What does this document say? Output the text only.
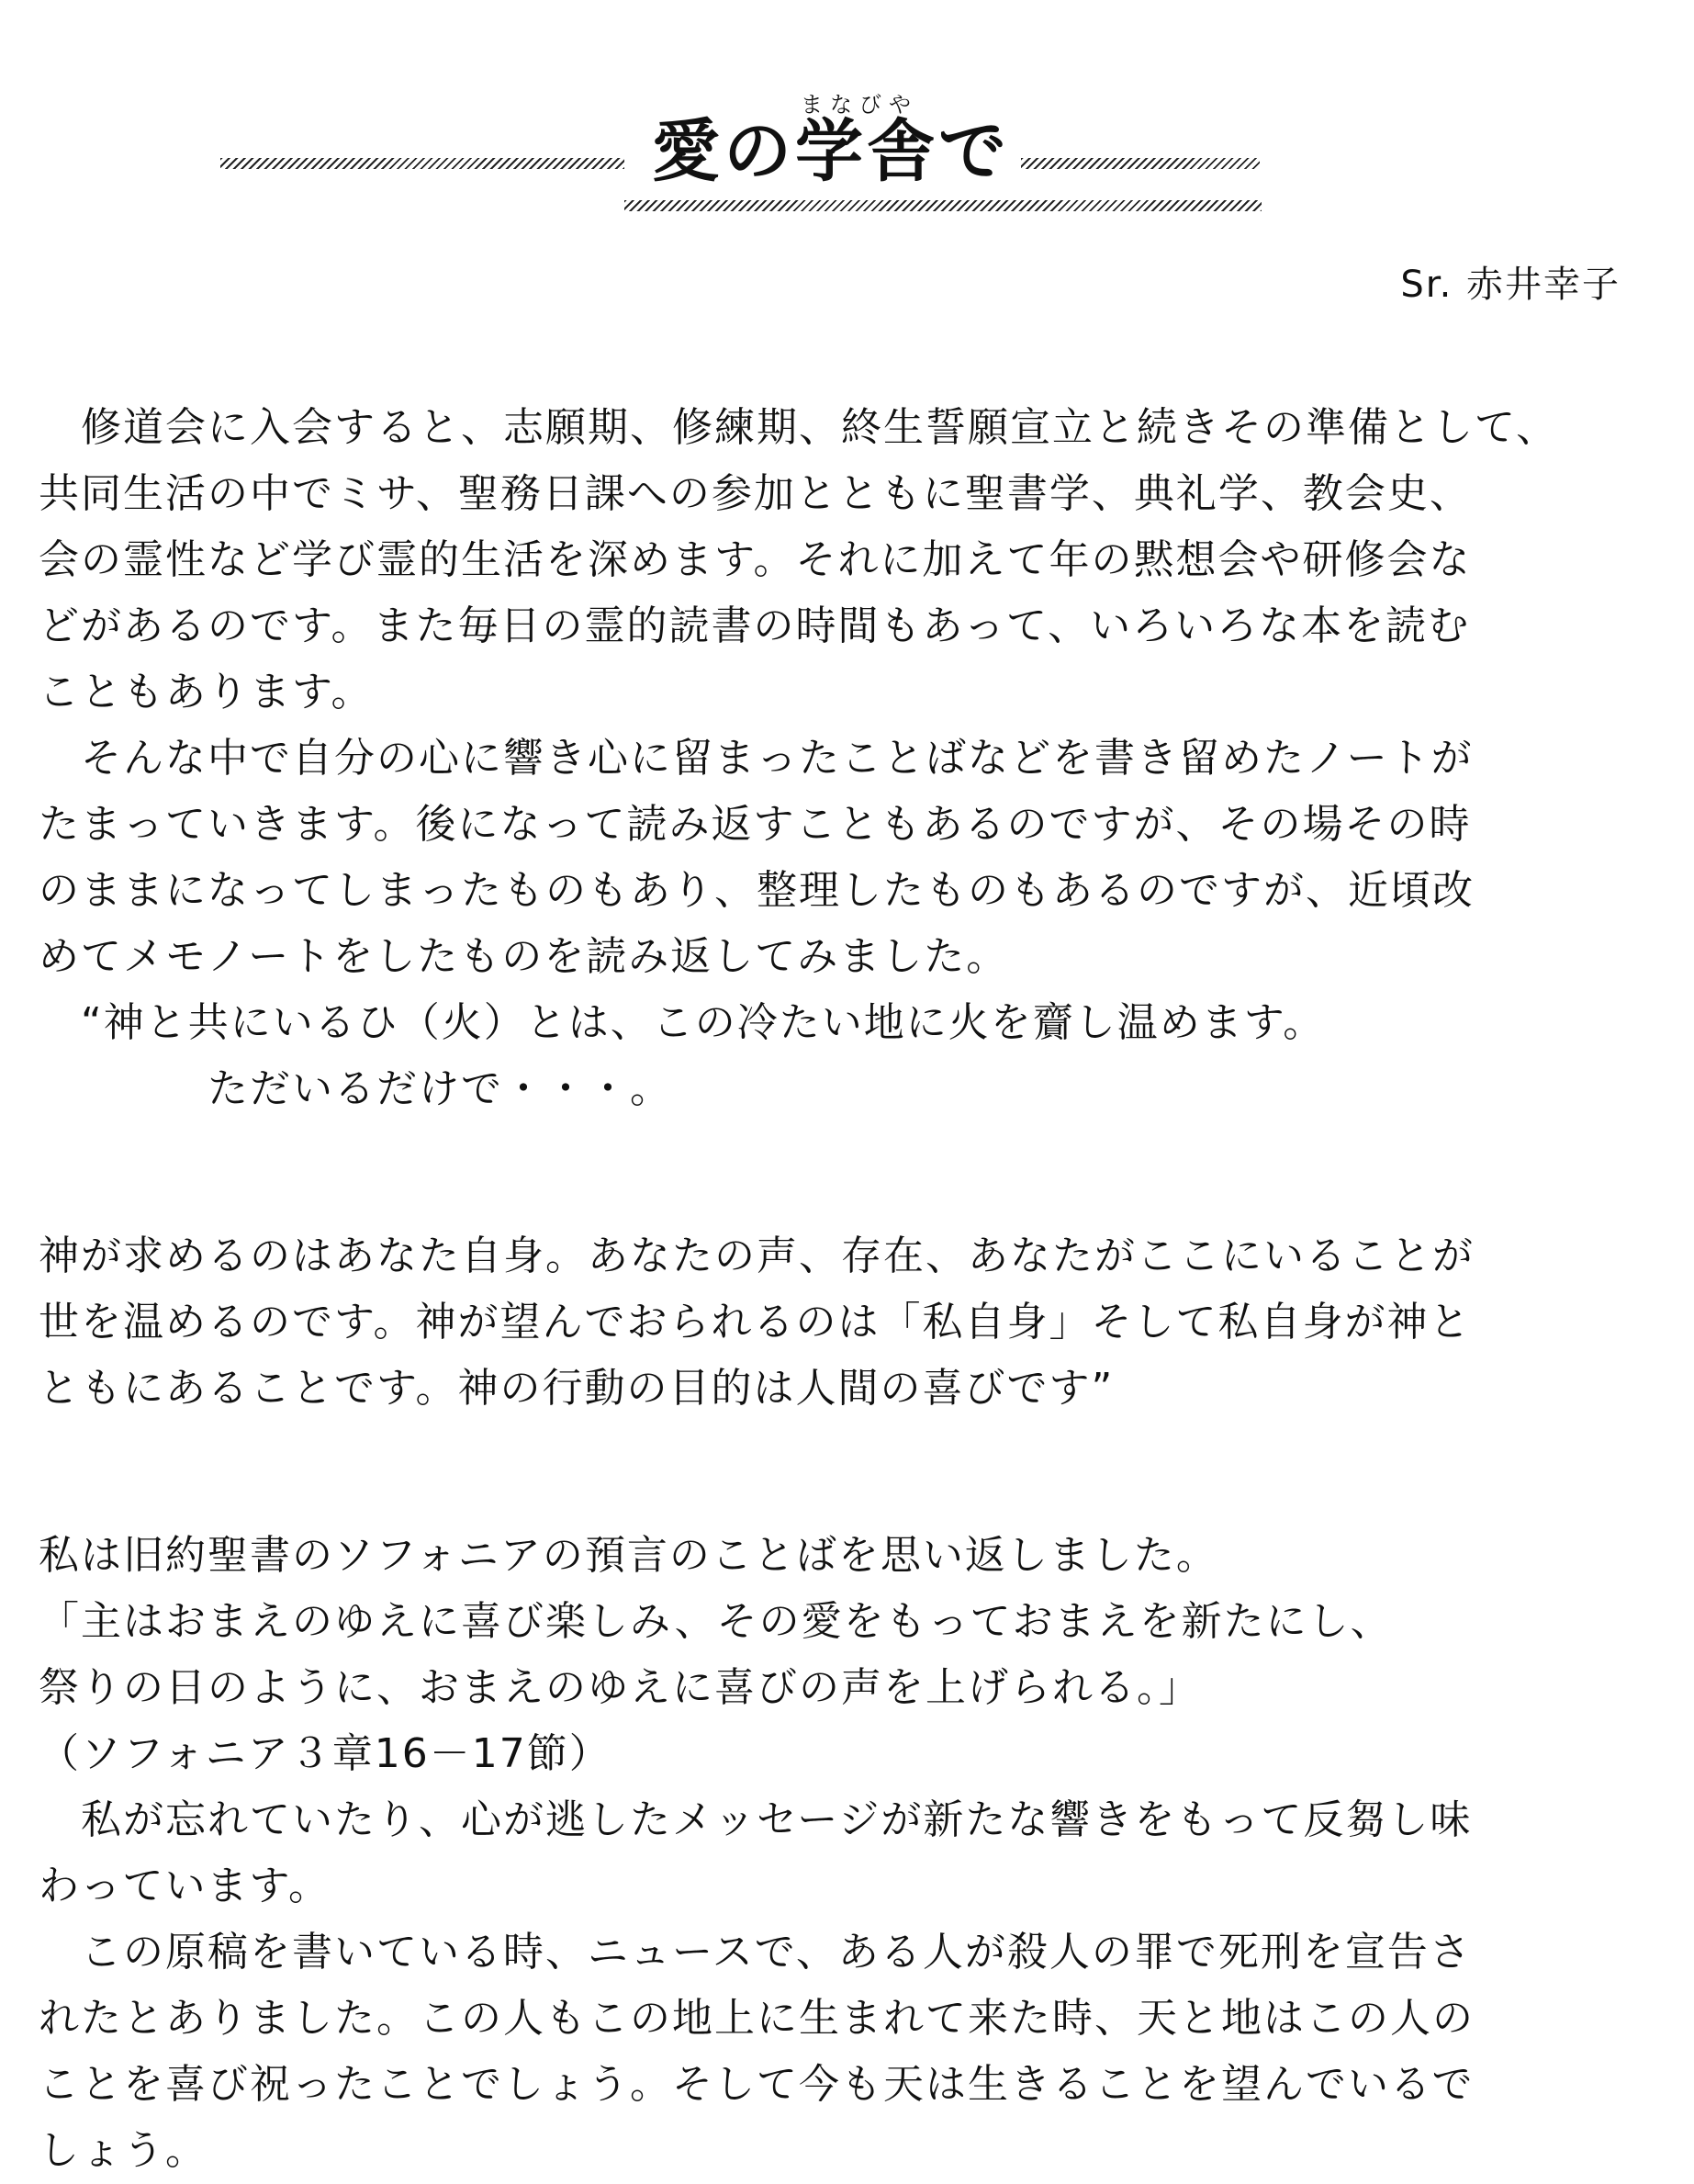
まなびや
愛の学舎で
Sr. 赤井幸子
　修道会に入会すると、志願期、修練期、終生誓願宣立と続きその準備として、
共同生活の中でミサ、聖務日課への参加とともに聖書学、典礼学、教会史、
会の霊性など学び霊的生活を深めます。それに加えて年の黙想会や研修会な
どがあるのです。また毎日の霊的読書の時間もあって、いろいろな本を読む
こともあります。
　そんな中で自分の心に響き心に留まったことばなどを書き留めたノートが
たまっていきます。後になって読み返すこともあるのですが、その場その時
のままになってしまったものもあり、整理したものもあるのですが、近頃改
めてメモノートをしたものを読み返してみました。
　“神と共にいるひ（火）とは、この冷たい地に火を齎し温めます。
　　　　ただいるだけで・・・。
神が求めるのはあなた自身。あなたの声、存在、あなたがここにいることが
世を温めるのです。神が望んでおられるのは「私自身」そして私自身が神と
ともにあることです。神の行動の目的は人間の喜びです”
私は旧約聖書のソフォニアの預言のことばを思い返しました。
「主はおまえのゆえに喜び楽しみ、その愛をもっておまえを新たにし、
祭りの日のように、おまえのゆえに喜びの声を上げられる。」
（ソフォニア３章16－17節）
　私が忘れていたり、心が逃したメッセージが新たな響きをもって反芻し味
わっています。
　この原稿を書いている時、ニュースで、ある人が殺人の罪で死刑を宣告さ
れたとありました。この人もこの地上に生まれて来た時、天と地はこの人の
ことを喜び祝ったことでしょう。そして今も天は生きることを望んでいるで
しょう。
